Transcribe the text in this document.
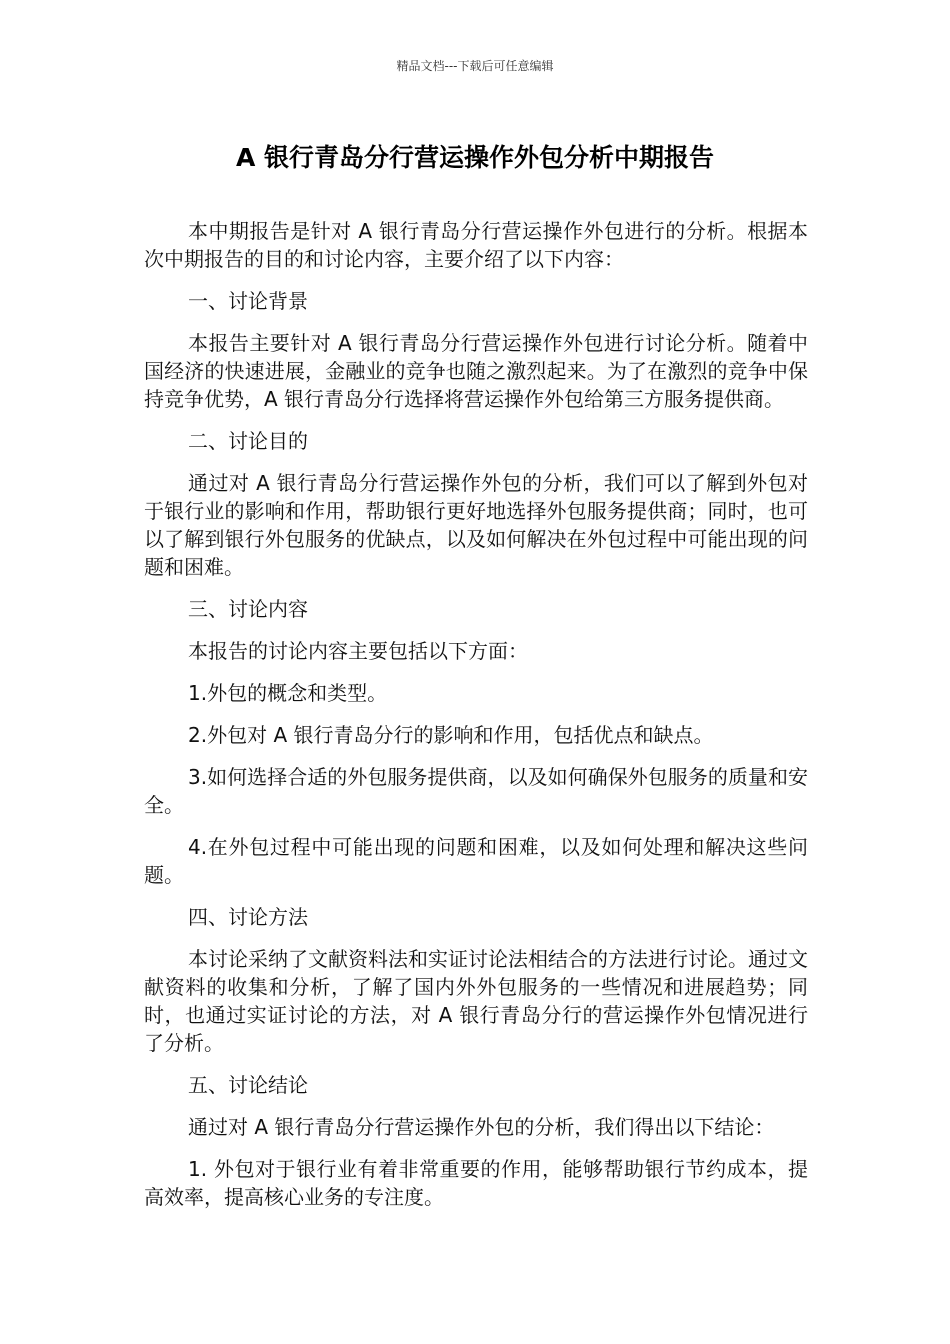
精品文档---下载后可任意编辑
A 银行青岛分行营运操作外包分析中期报告

本中期报告是针对 A 银行青岛分行营运操作外包进行的分析。根据本次中期报告的目的和讨论内容，主要介绍了以下内容：

一、讨论背景

本报告主要针对 A 银行青岛分行营运操作外包进行讨论分析。随着中国经济的快速进展，金融业的竞争也随之激烈起来。为了在激烈的竞争中保持竞争优势，A 银行青岛分行选择将营运操作外包给第三方服务提供商。

二、讨论目的

通过对 A 银行青岛分行营运操作外包的分析，我们可以了解到外包对于银行业的影响和作用，帮助银行更好地选择外包服务提供商；同时，也可以了解到银行外包服务的优缺点，以及如何解决在外包过程中可能出现的问题和困难。

三、讨论内容

本报告的讨论内容主要包括以下方面：

1.外包的概念和类型。

2.外包对 A 银行青岛分行的影响和作用，包括优点和缺点。

3.如何选择合适的外包服务提供商，以及如何确保外包服务的质量和安全。

4.在外包过程中可能出现的问题和困难，以及如何处理和解决这些问题。

四、讨论方法

本讨论采纳了文献资料法和实证讨论法相结合的方法进行讨论。通过文献资料的收集和分析，了解了国内外外包服务的一些情况和进展趋势；同时，也通过实证讨论的方法，对 A 银行青岛分行的营运操作外包情况进行了分析。

五、讨论结论

通过对 A 银行青岛分行营运操作外包的分析，我们得出以下结论：

1. 外包对于银行业有着非常重要的作用，能够帮助银行节约成本，提高效率，提高核心业务的专注度。
